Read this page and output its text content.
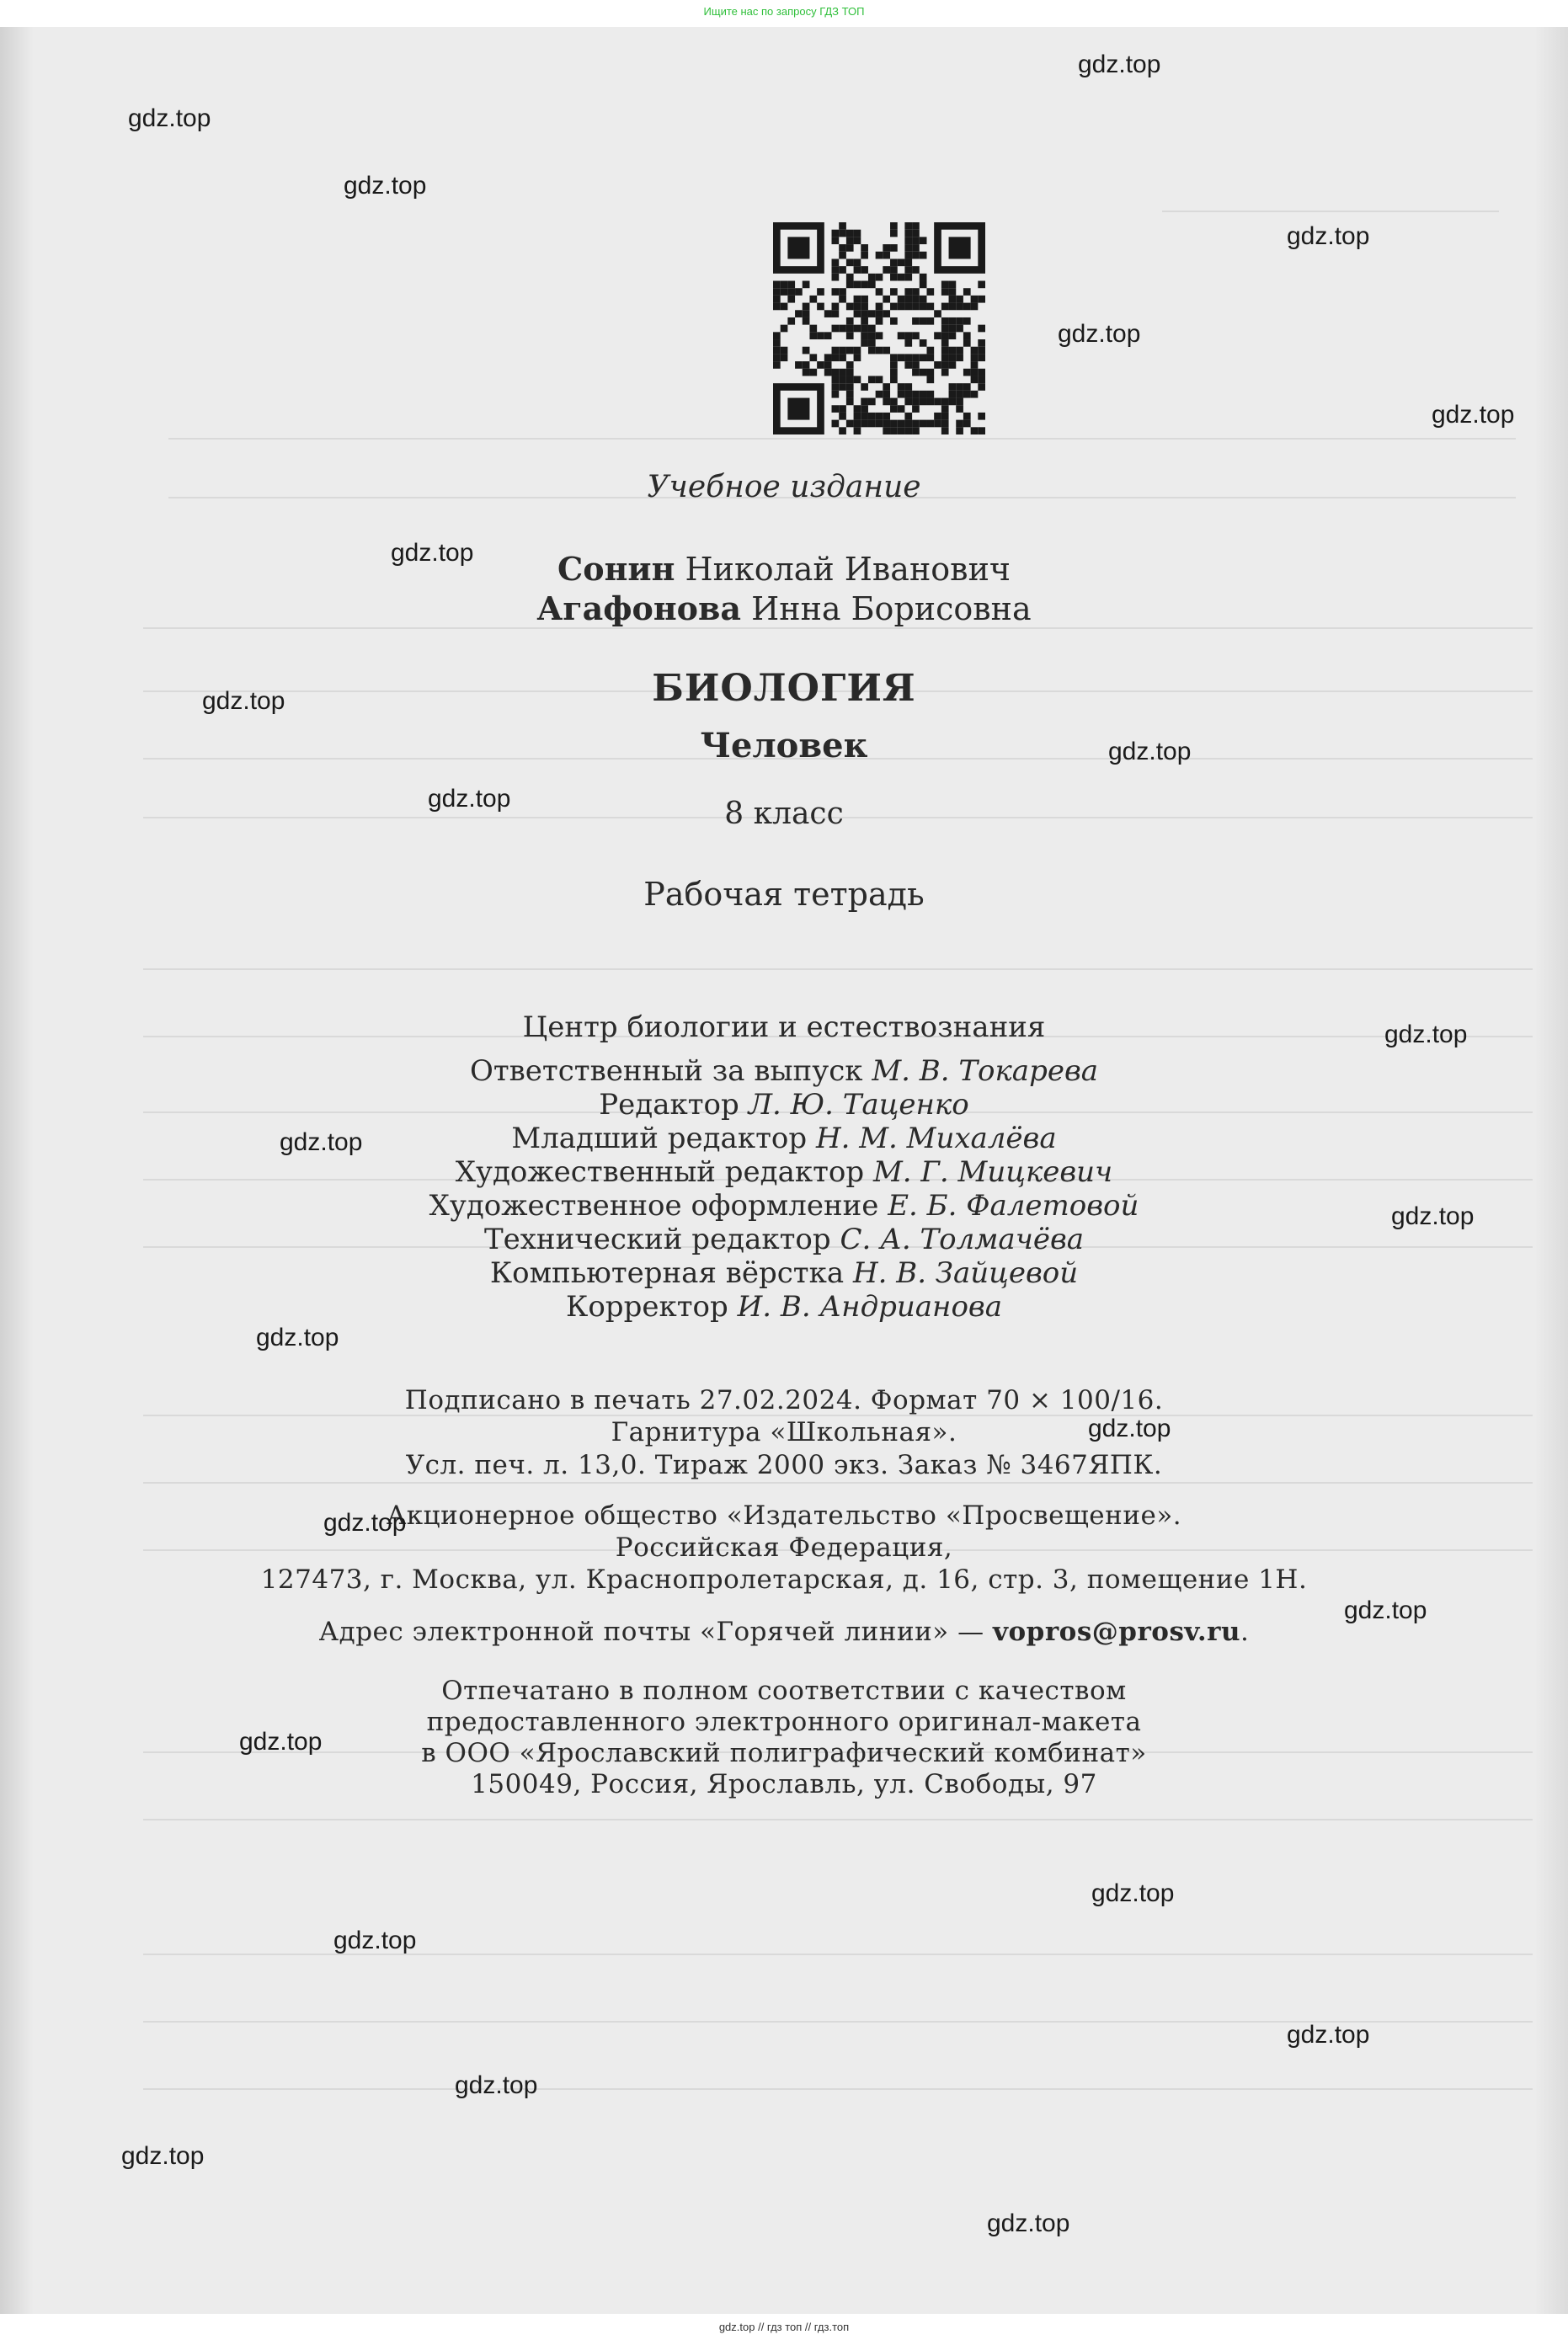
Ищите нас по запросу ГДЗ ТОП
Учебное издание
Сонин Николай Иванович
Агафонова Инна Борисовна
БИОЛОГИЯ
Человек
8 класс
Рабочая тетрадь
Центр биологии и естествознания
Ответственный за выпуск М. В. Токарева
Редактор Л. Ю. Таценко
Младший редактор Н. М. Михалёва
Художественный редактор М. Г. Мицкевич
Художественное оформление Е. Б. Фалетовой
Технический редактор С. А. Толмачёва
Компьютерная вёрстка Н. В. Зайцевой
Корректор И. В. Андрианова
Подписано в печать 27.02.2024. Формат 70 × 100/16.
Гарнитура «Школьная».
Усл. печ. л. 13,0. Тираж 2000 экз. Заказ № 3467ЯПК.
Акционерное общество «Издательство «Просвещение».
Российская Федерация,
127473, г. Москва, ул. Краснопролетарская, д. 16, стр. 3, помещение 1Н.
Адрес электронной почты «Горячей линии» — vopros@prosv.ru.
Отпечатано в полном соответствии с качеством
предоставленного электронного оригинал-макета
в ООО «Ярославский полиграфический комбинат»
150049, Россия, Ярославль, ул. Свободы, 97
gdz.top
gdz.top
gdz.top
gdz.top
gdz.top
gdz.top
gdz.top
gdz.top
gdz.top
gdz.top
gdz.top
gdz.top
gdz.top
gdz.top
gdz.top
gdz.top
gdz.top
gdz.top
gdz.top
gdz.top
gdz.top
gdz.top
gdz.top
gdz.top
gdz.top // гдз топ // гдз.топ
